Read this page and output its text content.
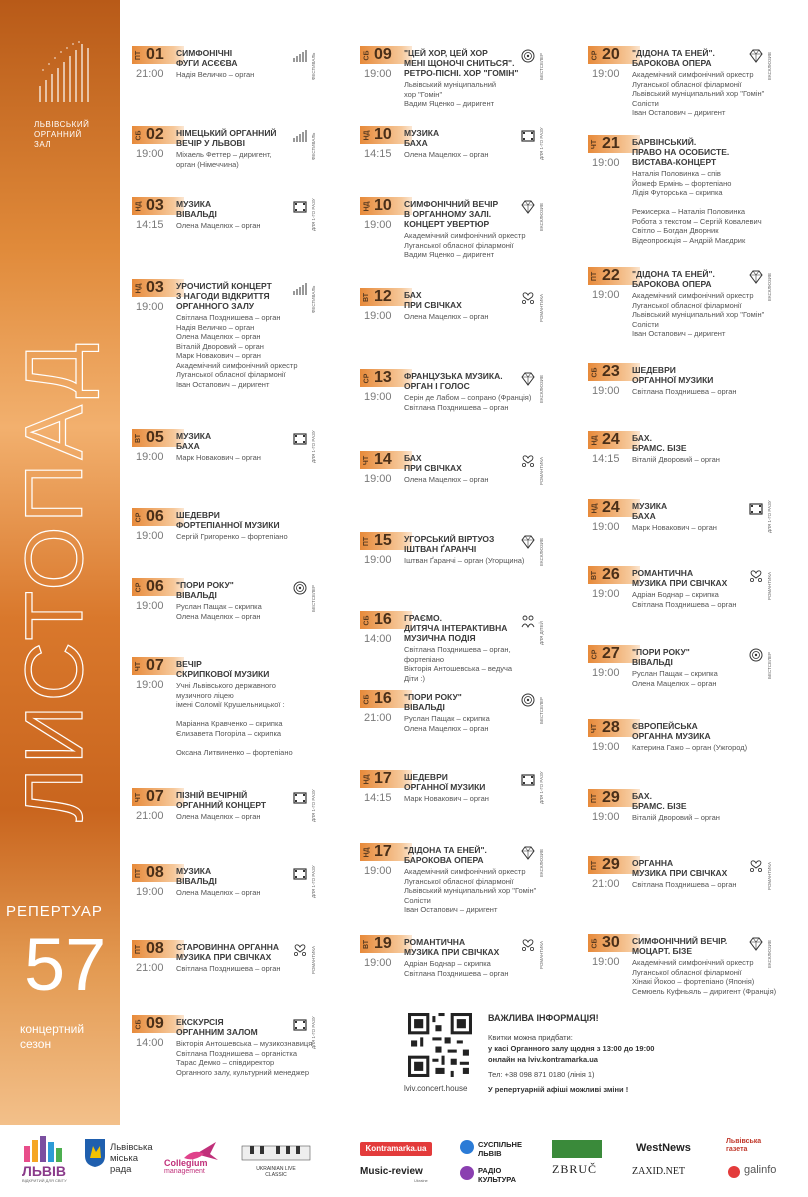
ЛЬВІВСЬКИЙ
ОРГАННИЙ
ЗАЛ
ЛИСТОПАД
РЕПЕРТУАР
57
концертний
сезон
ПТ 01
21:00
СИМФОНІЧНІ
ФУГИ АСЄЄВА
Надія Величко – орган	ФЕСТИВАЛЬ
СБ 02
19:00
НІМЕЦЬКИЙ ОРГАННИЙ
ВЕЧІР У ЛЬВОВІ
Міхаель Феттер – диригент,
орган (Німеччина)
ФЕСТИВАЛЬ
НД 03
14:15
МУЗИКА
ВІВАЛЬДІ
Олена Мацелюх – орган	ДЛЯ 1-ГО РАЗУ
НД 03
19:00
УРОЧИСТИЙ КОНЦЕРТ
З НАГОДИ ВІДКРИТТЯ
ОРГАННОГО ЗАЛУ
Світлана Позднишева – орган
Надія Величко – орган
Олена Мацелюх – орган
Віталій Дворовий – орган
Марк Новакович – орган
Академічний симфонічний оркестр
Луганської обласної філармонії
Іван Остапович – диригент
ФЕСТИВАЛЬ
ВТ 05
19:00
МУЗИКА
БАХА
Марк Новакович – орган	ДЛЯ 1-ГО РАЗУ
СР 06
19:00
ШЕДЕВРИ
ФОРТЕПІАННОЇ МУЗИКИ
Сергій Григоренко – фортепіано
СР 06
19:00
"ПОРИ РОКУ"
ВІВАЛЬДІ
Руслан Пащак – скрипка
Олена Мацелюх – орган
БЕСТСЕЛЕР
ЧТ 07
19:00
ВЕЧІР
СКРИПКОВОЇ МУЗИКИ
Учні Львівського державного
музичного ліцею
імені Соломії Крушельницької :
Маріанна Кравченко – скрипка
Єлизавета Погоріла – скрипка
Оксана Литвиненко – фортепіано
ЧТ 07
21:00
ПІЗНІЙ ВЕЧІРНІЙ
ОРГАННИЙ КОНЦЕРТ
Олена Мацелюх – орган	ДЛЯ 1-ГО РАЗУ
ПТ 08
19:00
МУЗИКА
ВІВАЛЬДІ
Олена Мацелюх – орган	ДЛЯ 1-ГО РАЗУ
ПТ 08
21:00
СТАРОВИННА ОРГАННА
МУЗИКА ПРИ СВІЧКАХ
Світлана Позднишева – орган	РОМАНТИКА
СБ 09
14:00
ЕКСКУРСІЯ
ОРГАННИМ ЗАЛОМ
Вікторія Антошевська – музикознавиця
Світлана Позднишева – органістка
Тарас Демко – співдиректор
Органного залу, культурний менеджер
ДЛЯ 1-ГО РАЗУ
СБ 09
19:00
"ЦЕЙ ХОР, ЦЕЙ ХОР
МЕНІ ЩОНОЧІ СНИТЬСЯ".
РЕТРО-ПІСНІ. ХОР "ГОМІН"
Львівський муніципальний
хор "Гомін"
Вадим Яценко – диригент
БЕСТСЕЛЕР
НД 10
14:15
МУЗИКА
БАХА
Олена Мацелюх – орган	ДЛЯ 1-ГО РАЗУ
НД 10
19:00
СИМФОНІЧНИЙ ВЕЧІР
В ОРГАННОМУ ЗАЛІ.
КОНЦЕРТ УВЕРТЮР
Академічний симфонічний оркестр
Луганської обласної філармонії
Вадим Яценко – диригент
ЕКСКЛЮЗИВ
ВТ 12
19:00
БАХ
ПРИ СВІЧКАХ
Олена Мацелюх – орган	РОМАНТИКА
СР 13
19:00
ФРАНЦУЗЬКА МУЗИКА.
ОРГАН І ГОЛОС
Серін де Лабом – сопрано (Франція)
Світлана Позднишева – орган
ЕКСКЛЮЗИВ
ЧТ 14
19:00
БАХ
ПРИ СВІЧКАХ
Олена Мацелюх – орган	РОМАНТИКА
ПТ 15
19:00
УГОРСЬКИЙ ВІРТУОЗ
ІШТВАН ҐАРАНЧІ
Іштван Ґаранчі – орган (Угорщина)	ЕКСКЛЮЗИВ
СБ 16
14:00
ГРАЄМО.
ДИТЯЧА ІНТЕРАКТИВНА
МУЗИЧНА ПОДІЯ
Світлана Позднишева – орган,
фортепіано
Вікторія Антошевська – ведуча
Діти :)
ДЛЯ ДІТЕЙ
СБ 16
21:00
"ПОРИ РОКУ"
ВІВАЛЬДІ
Руслан Пащак – скрипка
Олена Мацелюх – орган
БЕСТСЕЛЕР
НД 17
14:15
ШЕДЕВРИ
ОРГАННОЇ МУЗИКИ
Марк Новакович – орган	ДЛЯ 1-ГО РАЗУ
НД 17
19:00
"ДІДОНА ТА ЕНЕЙ".
БАРОКОВА ОПЕРА
Академічний симфонічний оркестр
Луганської обласної філармонії
Львівський муніципальний хор "Гомін"
Солісти
Іван Остапович – диригент
ЕКСКЛЮЗИВ
ВТ 19
19:00
РОМАНТИЧНА
МУЗИКА ПРИ СВІЧКАХ
Адріан Боднар – скрипка
Світлана Позднишева – орган
РОМАНТИКА
СР 20
19:00
"ДІДОНА ТА ЕНЕЙ".
БАРОКОВА ОПЕРА
Академічний симфонічний оркестр
Луганської обласної філармонії
Львівський муніципальний хор "Гомін"
Солісти
Іван Остапович – диригент
ЕКСКЛЮЗИВ
ЧТ 21
19:00
БАРВІНСЬКИЙ.
ПРАВО НА ОСОБИСТЕ.
ВИСТАВА-КОНЦЕРТ
Наталія Половинка – спів
Йожеф Ермінь – фортепіано
Лідія Футорська – скрипка
Режисерка – Наталія Половинка
Робота з текстом – Сергій Ковалевич
Світло – Богдан Дворник
Відеопроєкція – Андрій Маєдрик
ПТ 22
19:00
"ДІДОНА ТА ЕНЕЙ".
БАРОКОВА ОПЕРА
Академічний симфонічний оркестр
Луганської обласної філармонії
Львівський муніципальний хор "Гомін"
Солісти
Іван Остапович – диригент
ЕКСКЛЮЗИВ
СБ 23
19:00
ШЕДЕВРИ
ОРГАННОЇ МУЗИКИ
Світлана Позднишева – орган
НД 24
14:15
БАХ.
БРАМС. БІЗЕ
Віталій Дворовий – орган
НД 24
19:00
МУЗИКА
БАХА
Марк Новакович – орган	ДЛЯ 1-ГО РАЗУ
ВТ 26
19:00
РОМАНТИЧНА
МУЗИКА ПРИ СВІЧКАХ
Адріан Боднар – скрипка
Світлана Позднишева – орган
РОМАНТИКА
СР 27
19:00
"ПОРИ РОКУ"
ВІВАЛЬДІ
Руслан Пащак – скрипка
Олена Мацелюх – орган
БЕСТСЕЛЕР
ЧТ 28
19:00
ЄВРОПЕЙСЬКА
ОРГАННА МУЗИКА
Катерина Гажо – орган (Ужгород)
ПТ 29
19:00
БАХ.
БРАМС. БІЗЕ
Віталій Дворовий – орган
ПТ 29
21:00
ОРГАННА
МУЗИКА ПРИ СВІЧКАХ
Світлана Позднишева – орган	РОМАНТИКА
СБ 30
19:00
СИМФОНІЧНИЙ ВЕЧІР.
МОЦАРТ. БІЗЕ
Академічний симфонічний оркестр
Луганської обласної філармонії
Хінакі Йокоо – фортепіано (Японія)
Семюель Куфньяль – диригент (Франція)
ЕКСКЛЮЗИВ
lviv.concert.house
ВАЖЛИВА ІНФОРМАЦІЯ!
Квитки можна придбати:
у касі Органного залу щодня з 13:00 до 19:00
онлайн на lviv.kontramarka.ua
Тел: +38 098 871 0180 (лінія 1)
У репертуарній афіші можливі зміни !
ЛЬВІВ
ВІДКРИТИЙ ДЛЯ СВІТУ
Львівська
міська
рада
Collegium
management	UKRAINIAN LIVE
CLASSIC
Kontramarka.ua
Music-review
Ukraine
СУСПІЛЬНЕ
ЛЬВІВ
РАДІО
КУЛЬТУРА
ZBRUČ
WestNews
ZAXID.NET
Львівська газета
galinfo
